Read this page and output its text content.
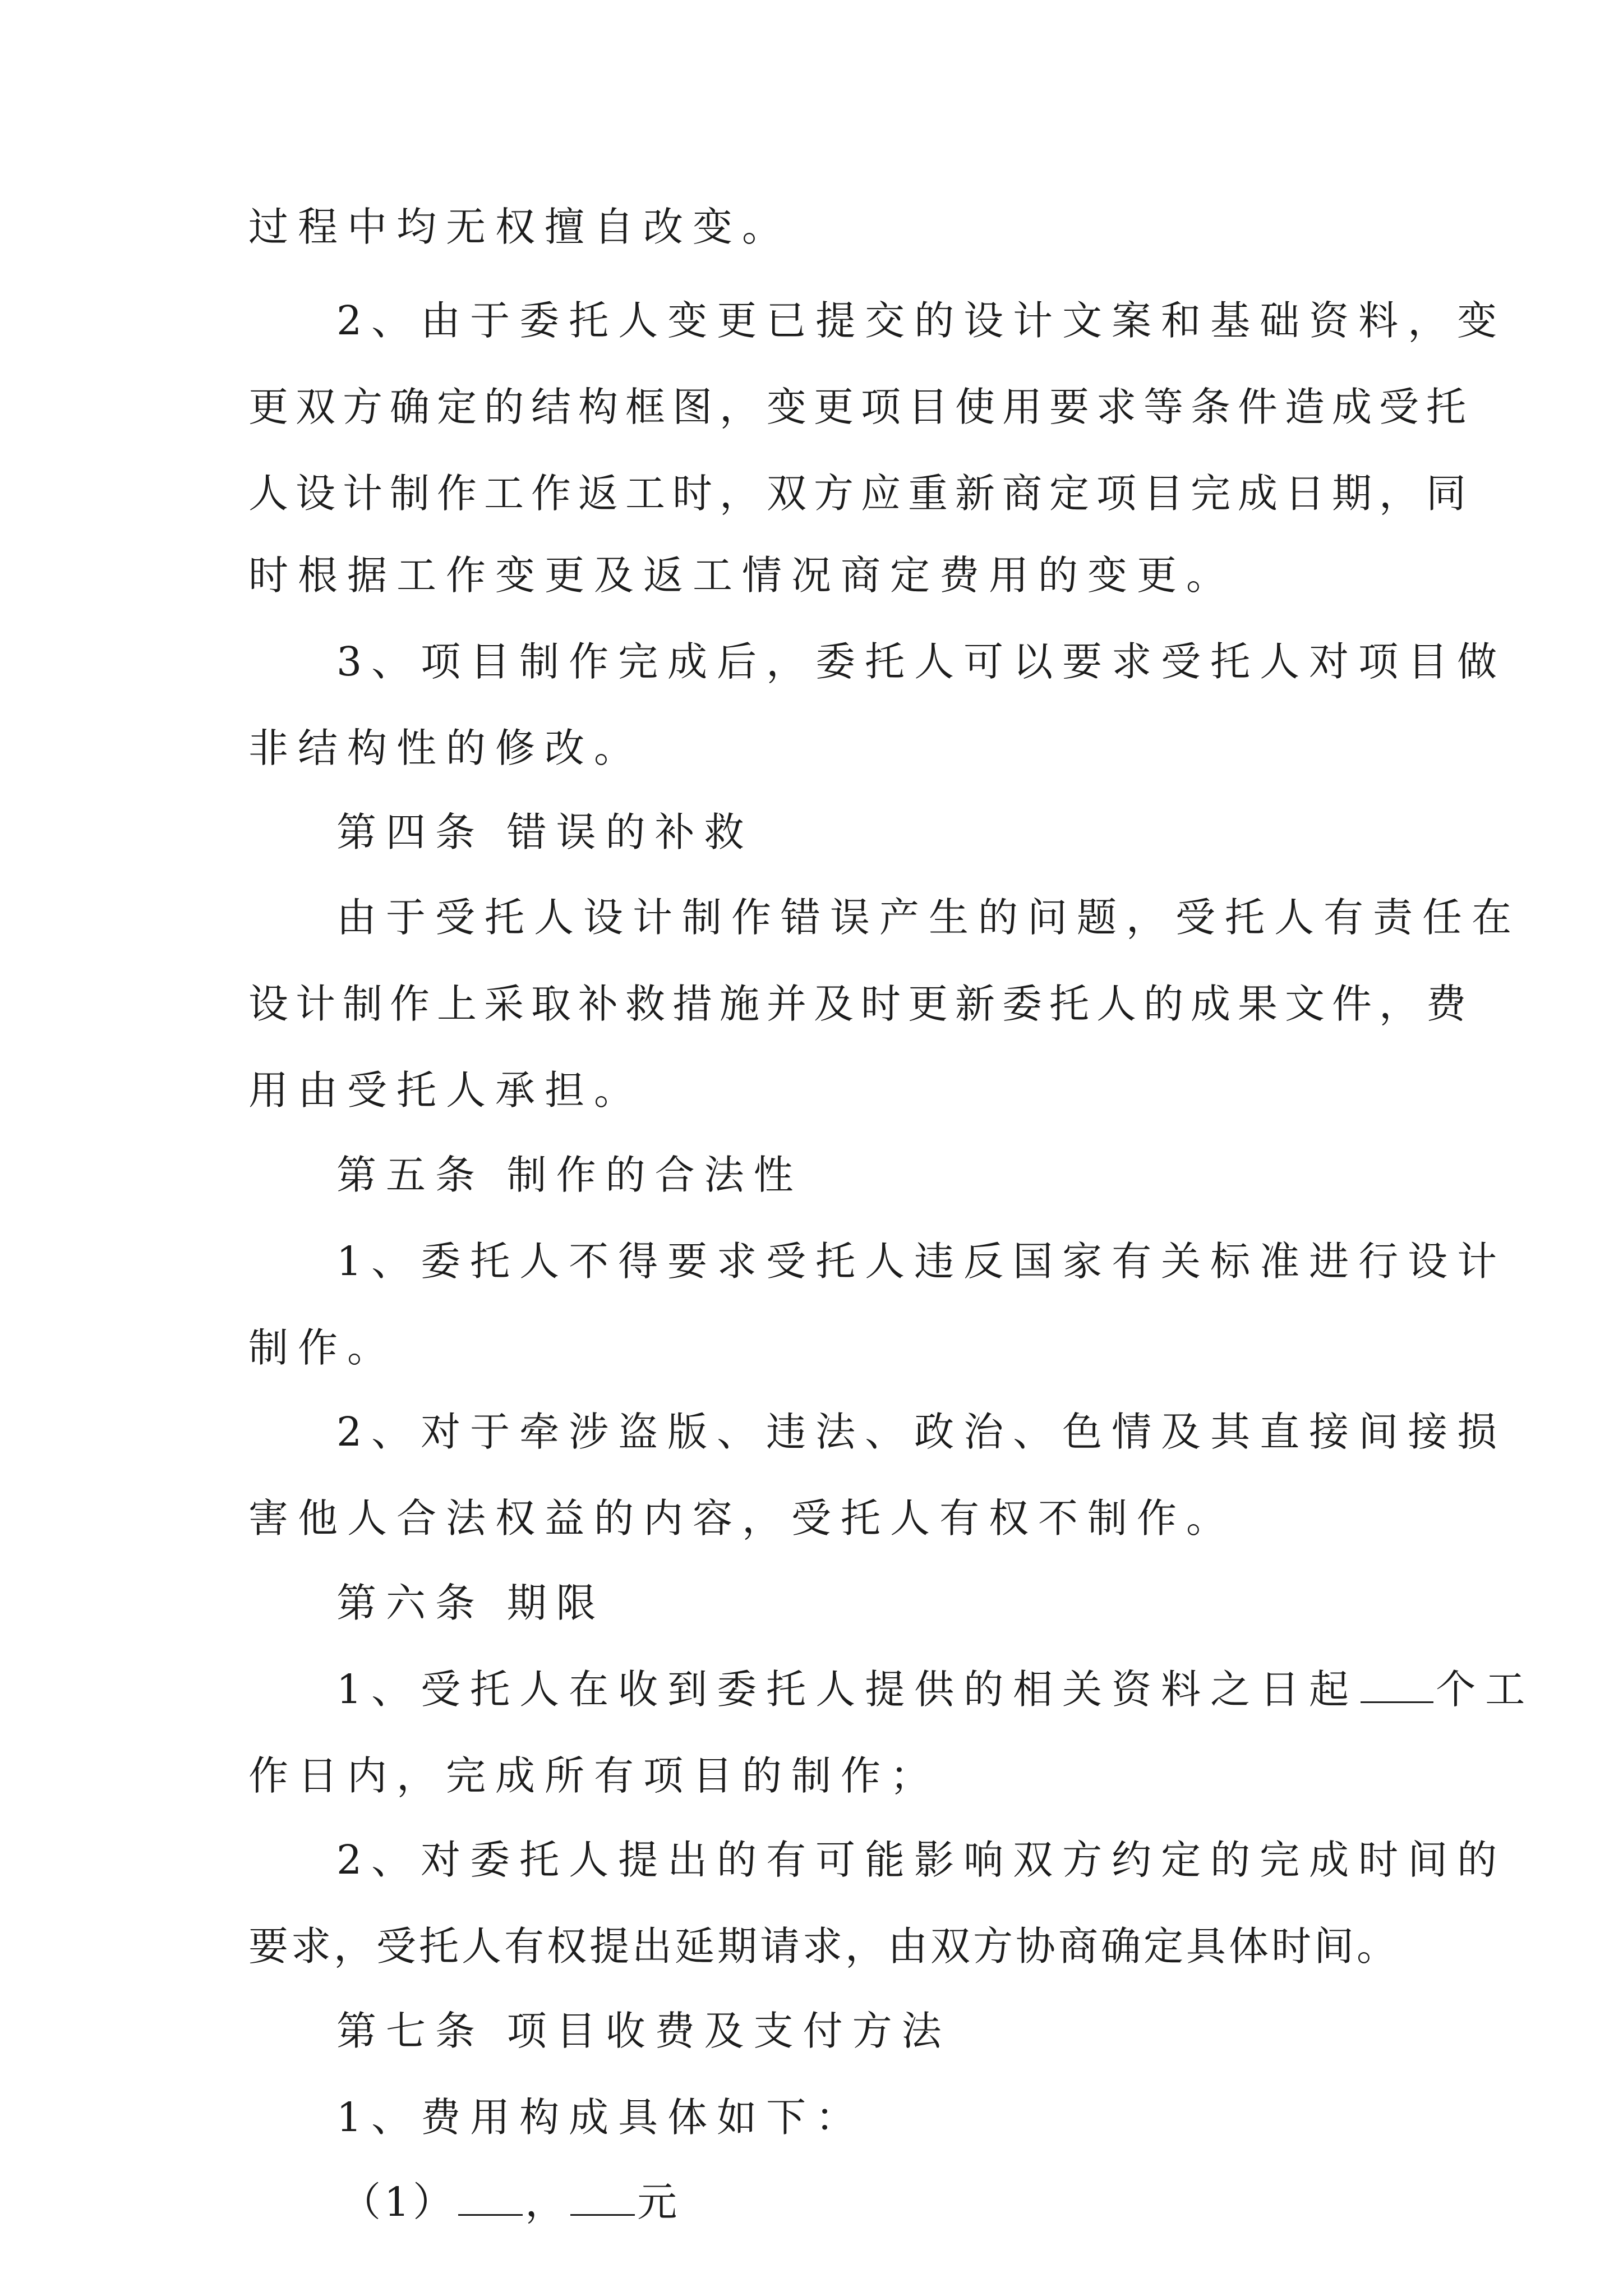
过程中均无权擅自改变。

2、由于委托人变更已提交的设计文案和基础资料，变

更双方确定的结构框图，变更项目使用要求等条件造成受托

人设计制作工作返工时，双方应重新商定项目完成日期，同

时根据工作变更及返工情况商定费用的变更。

3、项目制作完成后，委托人可以要求受托人对项目做

非结构性的修改。

第四条 错误的补救

由于受托人设计制作错误产生的问题，受托人有责任在

设计制作上采取补救措施并及时更新委托人的成果文件，费

用由受托人承担。

第五条 制作的合法性

1、委托人不得要求受托人违反国家有关标准进行设计

制作。

2、对于牵涉盗版、违法、政治、色情及其直接间接损

害他人合法权益的内容，受托人有权不制作。

第六条 期限

1、受托人在收到委托人提供的相关资料之日起 个工

作日内，完成所有项目的制作；

2、对委托人提出的有可能影响双方约定的完成时间的

要求，受托人有权提出延期请求，由双方协商确定具体时间。

第七条 项目收费及支付方法

1、费用构成具体如下：

（1） ， 元
